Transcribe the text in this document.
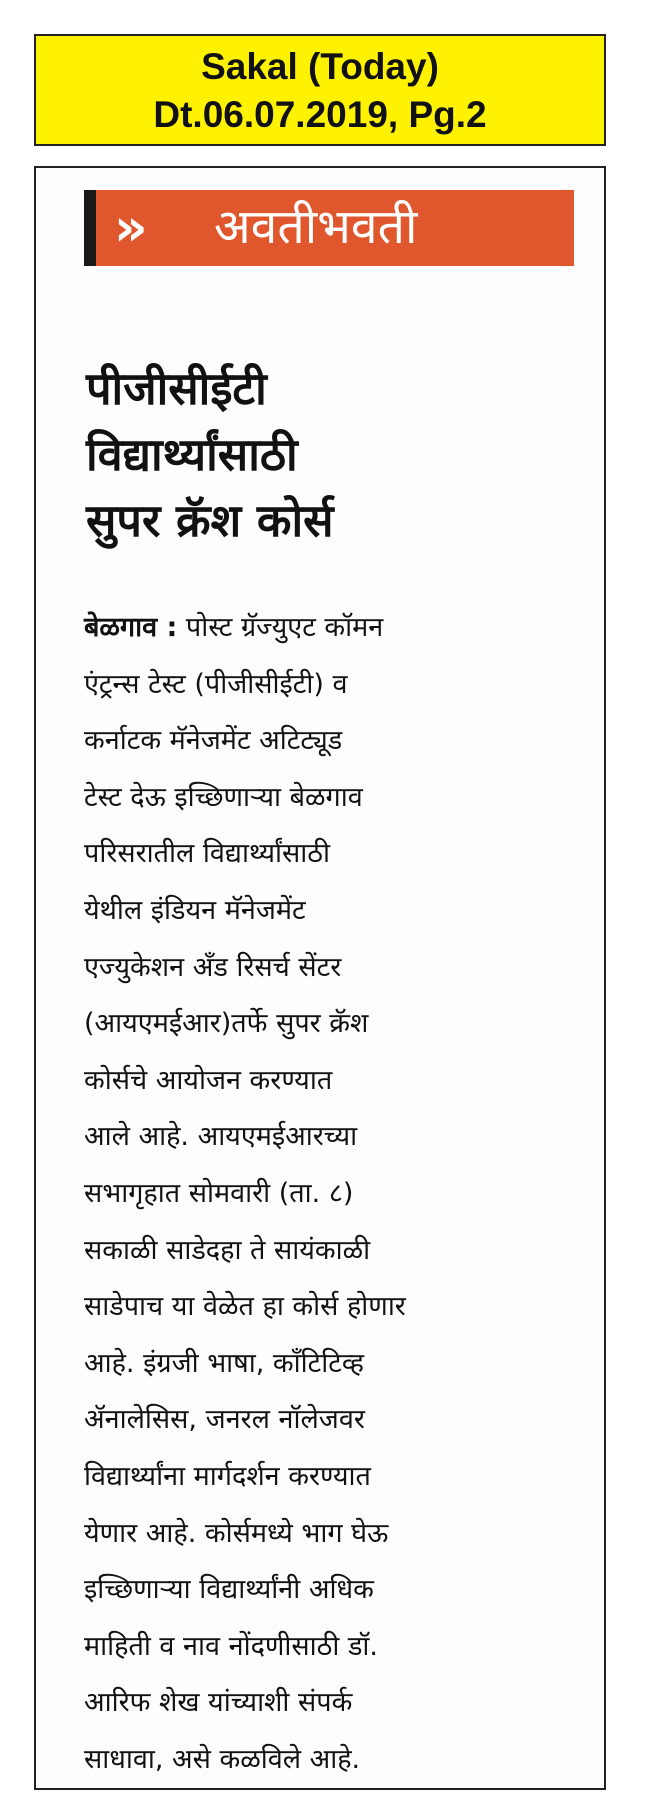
Sakal (Today)
Dt.06.07.2019, Pg.2
» अवतीभवती
पीजीसीईटी
विद्यार्थ्यांसाठी
सुपर क्रॅश कोर्स

बेळगाव : पोस्ट ग्रॅज्युएट कॉमन
एंट्रन्स टेस्ट (पीजीसीईटी) व
कर्नाटक मॅनेजमेंट अटिट्यूड
टेस्ट देऊ इच्छिणाऱ्या बेळगाव
परिसरातील विद्यार्थ्यांसाठी
येथील इंडियन मॅनेजमेंट
एज्युकेशन अँड रिसर्च सेंटर
(आयएमईआर)तर्फे सुपर क्रॅश
कोर्सचे आयोजन करण्यात
आले आहे. आयएमईआरच्या
सभागृहात सोमवारी (ता. ८)
सकाळी साडेदहा ते सायंकाळी
साडेपाच या वेळेत हा कोर्स होणार
आहे. इंग्रजी भाषा, कॉंटिटिव्ह
ॲनालेसिस, जनरल नॉलेजवर
विद्यार्थ्यांना मार्गदर्शन करण्यात
येणार आहे. कोर्समध्ये भाग घेऊ
इच्छिणाऱ्या विद्यार्थ्यांनी अधिक
माहिती व नाव नोंदणीसाठी डॉ.
आरिफ शेख यांच्याशी संपर्क
साधावा, असे कळविले आहे.
